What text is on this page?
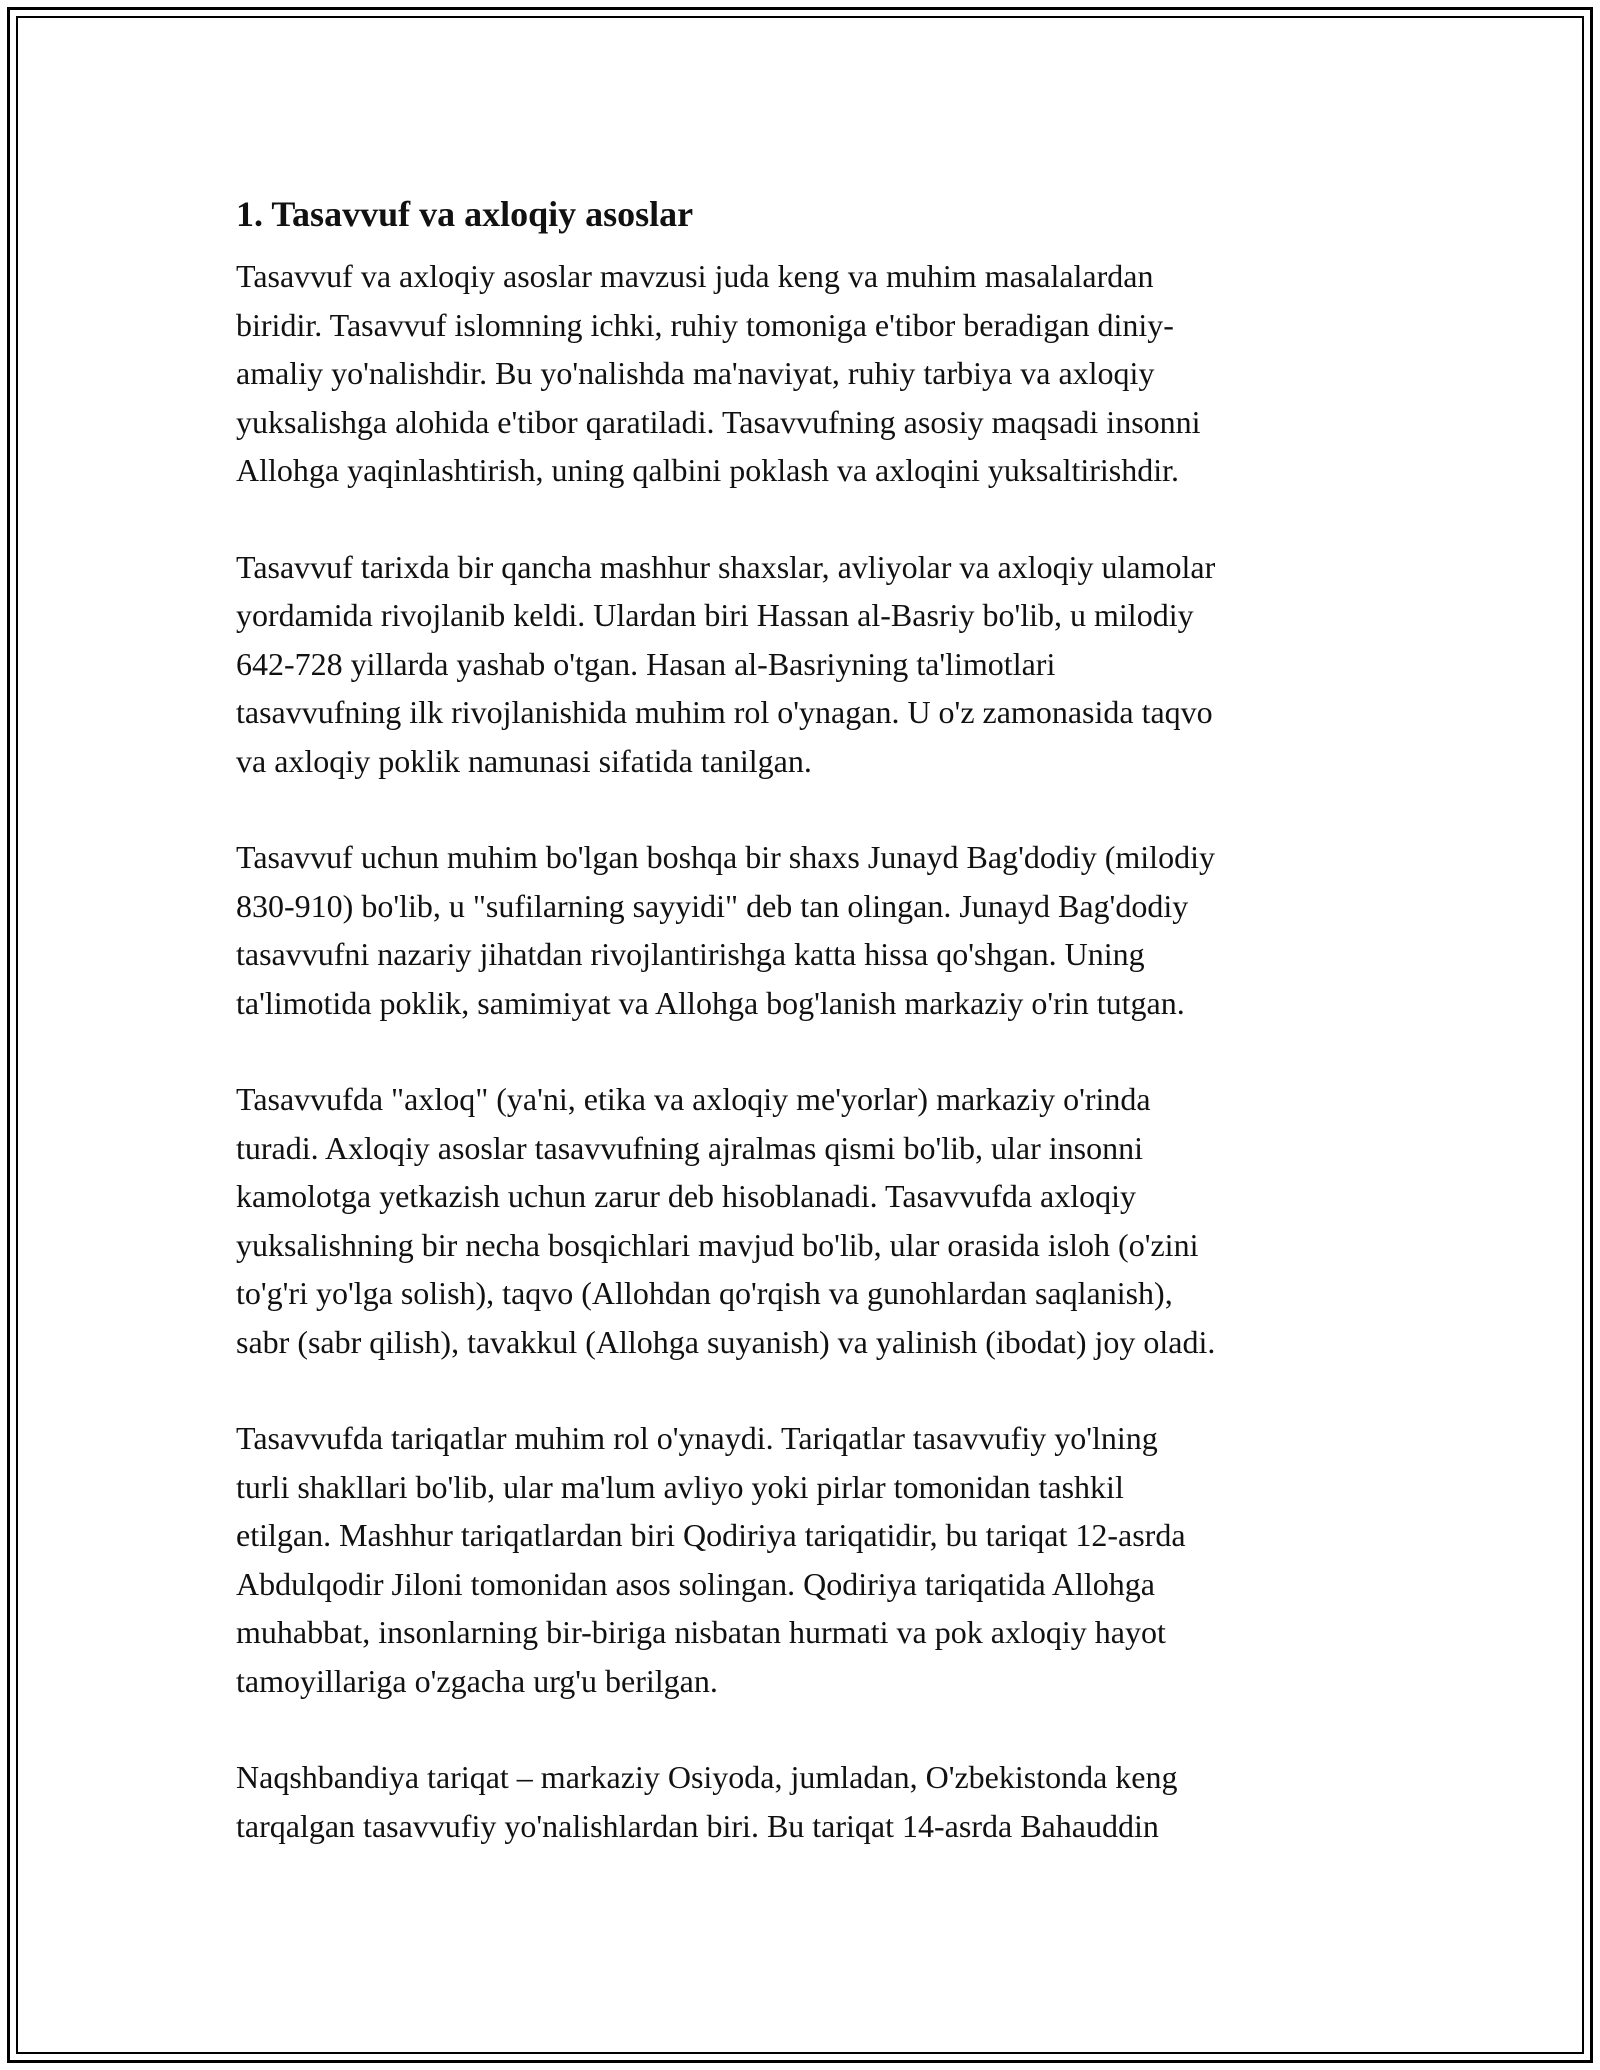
1. Tasavvuf va axloqiy asoslar

Tasavvuf va axloqiy asoslar mavzusi juda keng va muhim masalalardan
biridir. Tasavvuf islomning ichki, ruhiy tomoniga e'tibor beradigan diniy-
amaliy yo'nalishdir. Bu yo'nalishda ma'naviyat, ruhiy tarbiya va axloqiy
yuksalishga alohida e'tibor qaratiladi. Tasavvufning asosiy maqsadi insonni
Allohga yaqinlashtirish, uning qalbini poklash va axloqini yuksaltirishdir.

Tasavvuf tarixda bir qancha mashhur shaxslar, avliyolar va axloqiy ulamolar
yordamida rivojlanib keldi. Ulardan biri Hassan al-Basriy bo'lib, u milodiy
642-728 yillarda yashab o'tgan. Hasan al-Basriyning ta'limotlari
tasavvufning ilk rivojlanishida muhim rol o'ynagan. U o'z zamonasida taqvo
va axloqiy poklik namunasi sifatida tanilgan.

Tasavvuf uchun muhim bo'lgan boshqa bir shaxs Junayd Bag'dodiy (milodiy
830-910) bo'lib, u "sufilarning sayyidi" deb tan olingan. Junayd Bag'dodiy
tasavvufni nazariy jihatdan rivojlantirishga katta hissa qo'shgan. Uning
ta'limotida poklik, samimiyat va Allohga bog'lanish markaziy o'rin tutgan.

Tasavvufda "axloq" (ya'ni, etika va axloqiy me'yorlar) markaziy o'rinda
turadi. Axloqiy asoslar tasavvufning ajralmas qismi bo'lib, ular insonni
kamolotga yetkazish uchun zarur deb hisoblanadi. Tasavvufda axloqiy
yuksalishning bir necha bosqichlari mavjud bo'lib, ular orasida isloh (o'zini
to'g'ri yo'lga solish), taqvo (Allohdan qo'rqish va gunohlardan saqlanish),
sabr (sabr qilish), tavakkul (Allohga suyanish) va yalinish (ibodat) joy oladi.

Tasavvufda tariqatlar muhim rol o'ynaydi. Tariqatlar tasavvufiy yo'lning
turli shakllari bo'lib, ular ma'lum avliyo yoki pirlar tomonidan tashkil
etilgan. Mashhur tariqatlardan biri Qodiriya tariqatidir, bu tariqat 12-asrda
Abdulqodir Jiloni tomonidan asos solingan. Qodiriya tariqatida Allohga
muhabbat, insonlarning bir-biriga nisbatan hurmati va pok axloqiy hayot
tamoyillariga o'zgacha urg'u berilgan.

Naqshbandiya tariqat – markaziy Osiyoda, jumladan, O'zbekistonda keng
tarqalgan tasavvufiy yo'nalishlardan biri. Bu tariqat 14-asrda Bahauddin
